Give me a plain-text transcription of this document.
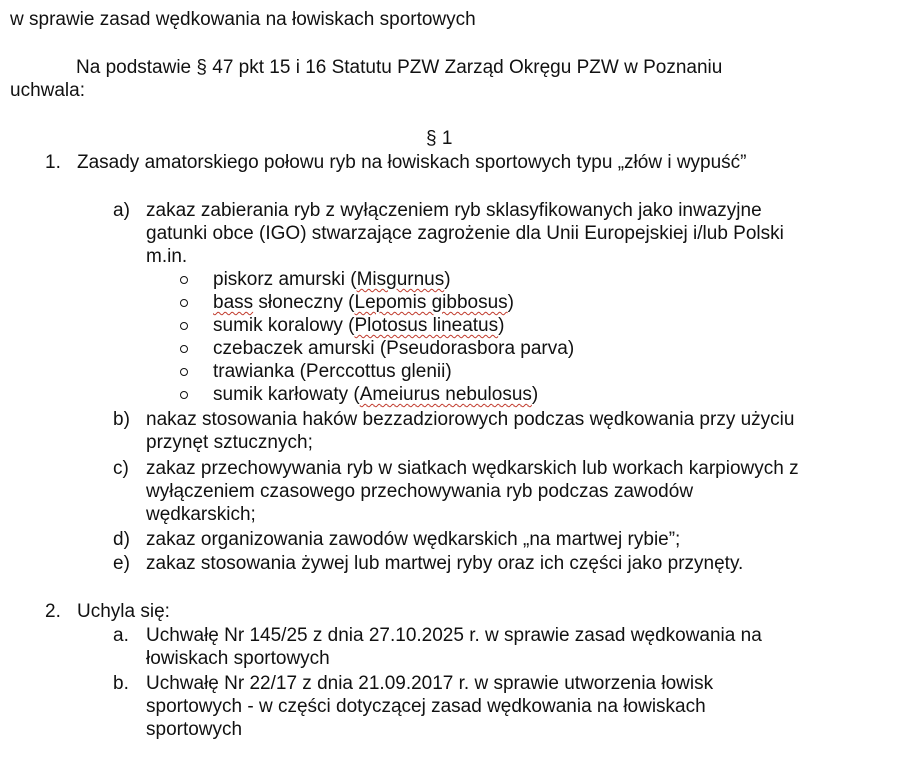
w sprawie zasad wędkowania na łowiskach sportowych
Na podstawie § 47 pkt 15 i 16 Statutu PZW Zarząd Okręgu PZW w Poznaniu
uchwala:
§ 1
1. Zasady amatorskiego połowu ryb na łowiskach sportowych typu „złów i wypuść”
a) zakaz zabierania ryb z wyłączeniem ryb sklasyfikowanych jako inwazyjne
gatunki obce (IGO) stwarzające zagrożenie dla Unii Europejskiej i/lub Polski
m.in.
piskorz amurski (Misgurnus)
bass słoneczny (Lepomis gibbosus)
sumik koralowy (Plotosus lineatus)
czebaczek amurski (Pseudorasbora parva)
trawianka (Perccottus glenii)
sumik karłowaty (Ameiurus nebulosus)
b) nakaz stosowania haków bezzadziorowych podczas wędkowania przy użyciu
przynęt sztucznych;
c) zakaz przechowywania ryb w siatkach wędkarskich lub workach karpiowych z
wyłączeniem czasowego przechowywania ryb podczas zawodów
wędkarskich;
d) zakaz organizowania zawodów wędkarskich „na martwej rybie”;
e) zakaz stosowania żywej lub martwej ryby oraz ich części jako przynęty.
2. Uchyla się:
a. Uchwałę Nr 145/25 z dnia 27.10.2025 r. w sprawie zasad wędkowania na
łowiskach sportowych
b. Uchwałę Nr 22/17 z dnia 21.09.2017 r. w sprawie utworzenia łowisk
sportowych - w części dotyczącej zasad wędkowania na łowiskach
sportowych
